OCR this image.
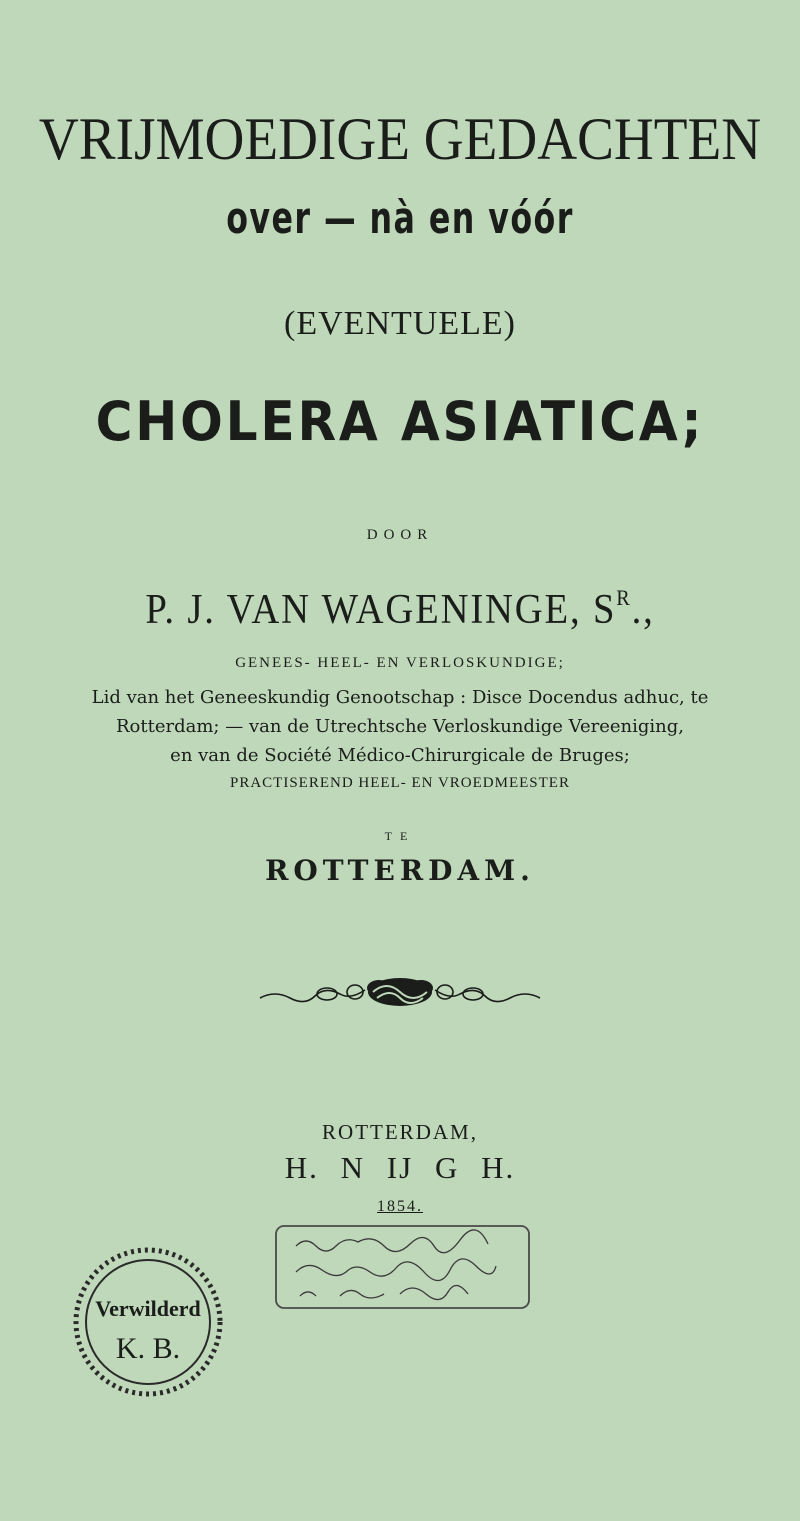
VRIJMOEDIGE GEDACHTEN
over — nà en vóór
(EVENTUELE)
CHOLERA ASIATICA;
DOOR
P. J. VAN WAGENINGE, $S^R$.,
GENEES- HEEL- EN VERLOSKUNDIGE;
Lid van het Geneeskundig Genootschap : Disce Docendus adhuc, te
Rotterdam; — van de Utrechtsche Verloskundige Vereeniging,
en van de Société Médico-Chirurgicale de Bruges;
PRACTISEREND HEEL- EN VROEDMEESTER
TE
ROTTERDAM.
ROTTERDAM,
H. N IJ G H.
1854.
Verwilderd
K. B.
